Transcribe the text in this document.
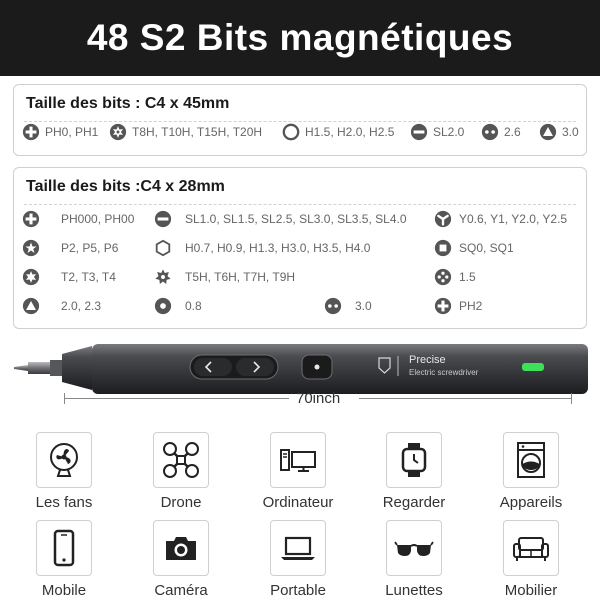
48 S2 Bits magnétiques
Taille des bits : C4 x 45mm
PH0, PH1	T8H, T10H, T15H, T20H	H1.5, H2.0, H2.5	SL2.0	2.6	3.0
Taille des bits :C4 x 28mm
PH000, PH00	SL1.0, SL1.5, SL2.5, SL3.0, SL3.5, SL4.0	Y0.6, Y1, Y2.0, Y2.5
P2, P5, P6	H0.7, H0.9, H1.3, H3.0, H3.5, H4.0	SQ0, SQ1
T2, T3, T4	T5H, T6H, T7H, T9H	1.5
2.0, 2.3	0.8	3.0	PH2
Precise
Electric screwdriver
70inch
Les fans	Drone	Ordinateur	Regarder	Appareils
Mobile	Caméra	Portable	Lunettes	Mobilier
